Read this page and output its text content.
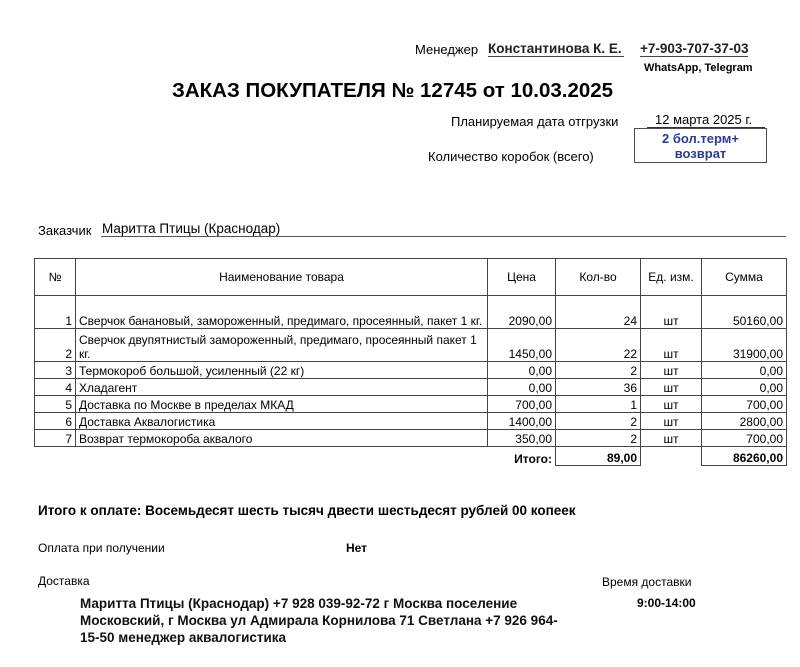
Менеджер Константинова К. Е. +7-903-707-37-03
WhatsApp, Telegram
ЗАКАЗ ПОКУПАТЕЛЯ № 12745 от 10.03.2025
Планируемая дата отгрузки	12 марта 2025 г.
Количество коробок (всего)
2 бол.терм+ возврат
Заказчик Маритта Птицы (Краснодар)
№	Наименование товара	Цена	Кол-во	Ед. изм.	Сумма
1	Сверчок банановый, замороженный, предимаго, просеянный, пакет 1 кг.	2090,00	24	шт	50160,00
2	Сверчок двупятнистый замороженный, предимаго, просеянный пакет 1 кг.	1450,00	22	шт	31900,00
3	Термокороб большой, усиленный (22 кг)	0,00	2	шт	0,00
4	Хладагент	0,00	36	шт	0,00
5	Доставка по Москве в пределах МКАД	700,00	1	шт	700,00
6	Доставка Аквалогистика	1400,00	2	шт	2800,00
7	Возврат термокороба аквалого	350,00	2	шт	700,00
		Итого:	89,00		86260,00
Итого к оплате: Восемьдесят шесть тысяч двести шестьдесят рублей 00 копеек
Оплата при получении	Нет
Доставка	Время доставки
9:00-14:00
Маритта Птицы (Краснодар) +7 928 039-92-72 г Москва поселение Московский, г Москва ул Адмирала Корнилова 71 Светлана +7 926 964-15-50 менеджер аквалогистика
